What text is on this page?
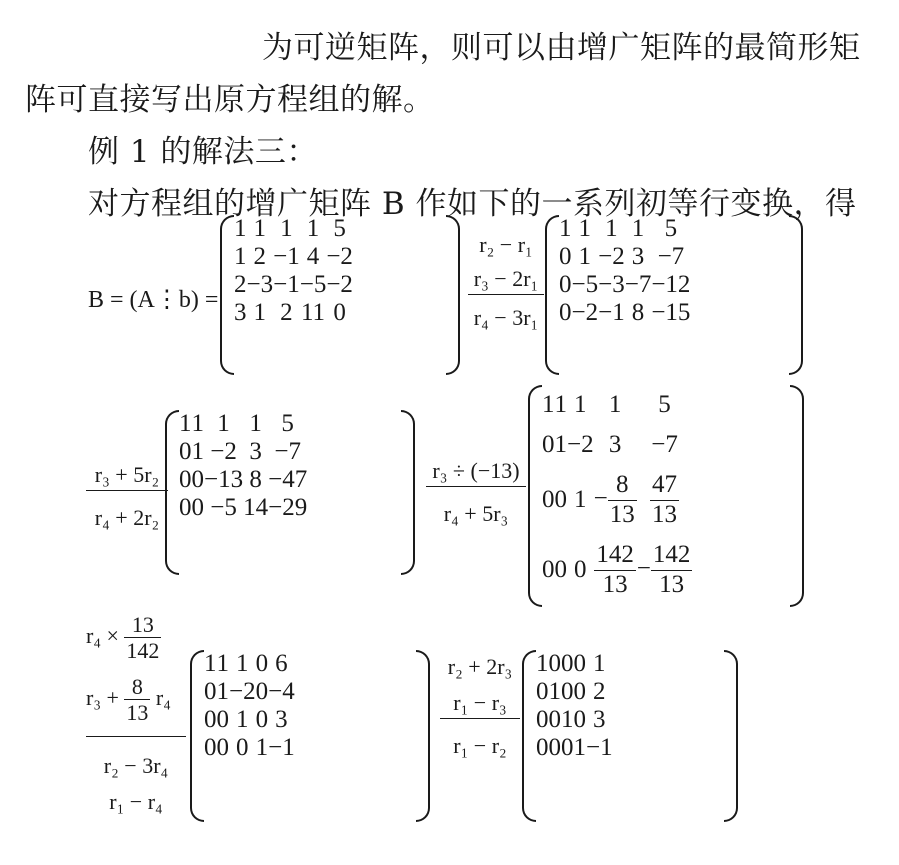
为可逆矩阵，则可以由增广矩阵的最简形矩
阵可直接写出原方程组的解。
例 1 的解法三：
对方程组的增广矩阵 B 作如下的一系列初等行变换，得
B = (A⋮b) =
1	1	1	1	5
1	2	−1	4	−2
2	−3	−1	−5	−2
3	1	2	11	0
r₂ − r₁
r₃ − 2r₁
r₄ − 3r₁
1	1	1	1	5
0	1	−2	3	−7
0	−5	−3	−7	−12
0	−2	−1	8	−15
r₃ + 5r₂
r₄ + 2r₂
1	1	1	1	5
0	1	−2	3	−7
0	0	−13	8	−47
0	0	−5	14	−29
r₃ ÷ (−13)
r₄ + 5r₃
1	1	1	1	5
0	1	−2	3	−7
0	0	1	− $\frac{8}{13}$	$\frac{47}{13}$

0	0	0	$\frac{142}{13}$	− $\frac{142}{13}$
$r_4 \times \frac{13}{142}$
$r_3 + \frac{8}{13} r_4$
r₂ − 3r₄
r₁ − r₄
1	1	1	0	6
0	1	−2	0	−4
0	0	1	0	3
0	0	0	1	−1
r₂ + 2r₃
r₁ − r₃
r₁ − r₂
1	0	0	0	1
0	1	0	0	2
0	0	1	0	3
0	0	0	1	−1
